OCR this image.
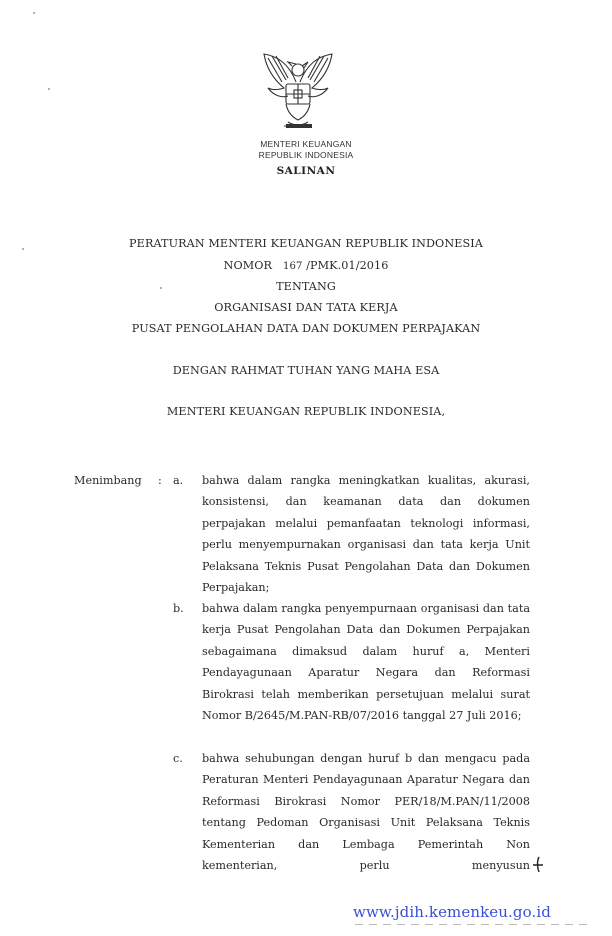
MENTERI KEUANGAN
REPUBLIK INDONESIA
SALINAN
PERATURAN MENTERI KEUANGAN REPUBLIK INDONESIA
NOMOR 167 /PMK.01/2016
TENTANG
ORGANISASI DAN TATA KERJA
PUSAT PENGOLAHAN DATA DAN DOKUMEN PERPAJAKAN
DENGAN RAHMAT TUHAN YANG MAHA ESA
MENTERI KEUANGAN REPUBLIK INDONESIA,
Menimbang : a. bahwa dalam rangka meningkatkan kualitas, akurasi, konsistensi, dan keamanan data dan dokumen perpajakan melalui pemanfaatan teknologi informasi, perlu menyempurnakan organisasi dan tata kerja Unit Pelaksana Teknis Pusat Pengolahan Data dan Dokumen Perpajakan;
b. bahwa dalam rangka penyempurnaan organisasi dan tata kerja Pusat Pengolahan Data dan Dokumen Perpajakan sebagaimana dimaksud dalam huruf a, Menteri Pendayagunaan Aparatur Negara dan Reformasi Birokrasi telah memberikan persetujuan melalui surat Nomor B/2645/M.PAN-RB/07/2016 tanggal 27 Juli 2016;
c. bahwa sehubungan dengan huruf b dan mengacu pada Peraturan Menteri Pendayagunaan Aparatur Negara dan Reformasi Birokrasi Nomor PER/18/M.PAN/11/2008 tentang Pedoman Organisasi Unit Pelaksana Teknis Kementerian dan Lembaga Pemerintah Non kementerian, perlu menyusun
www.jdih.kemenkeu.go.id
